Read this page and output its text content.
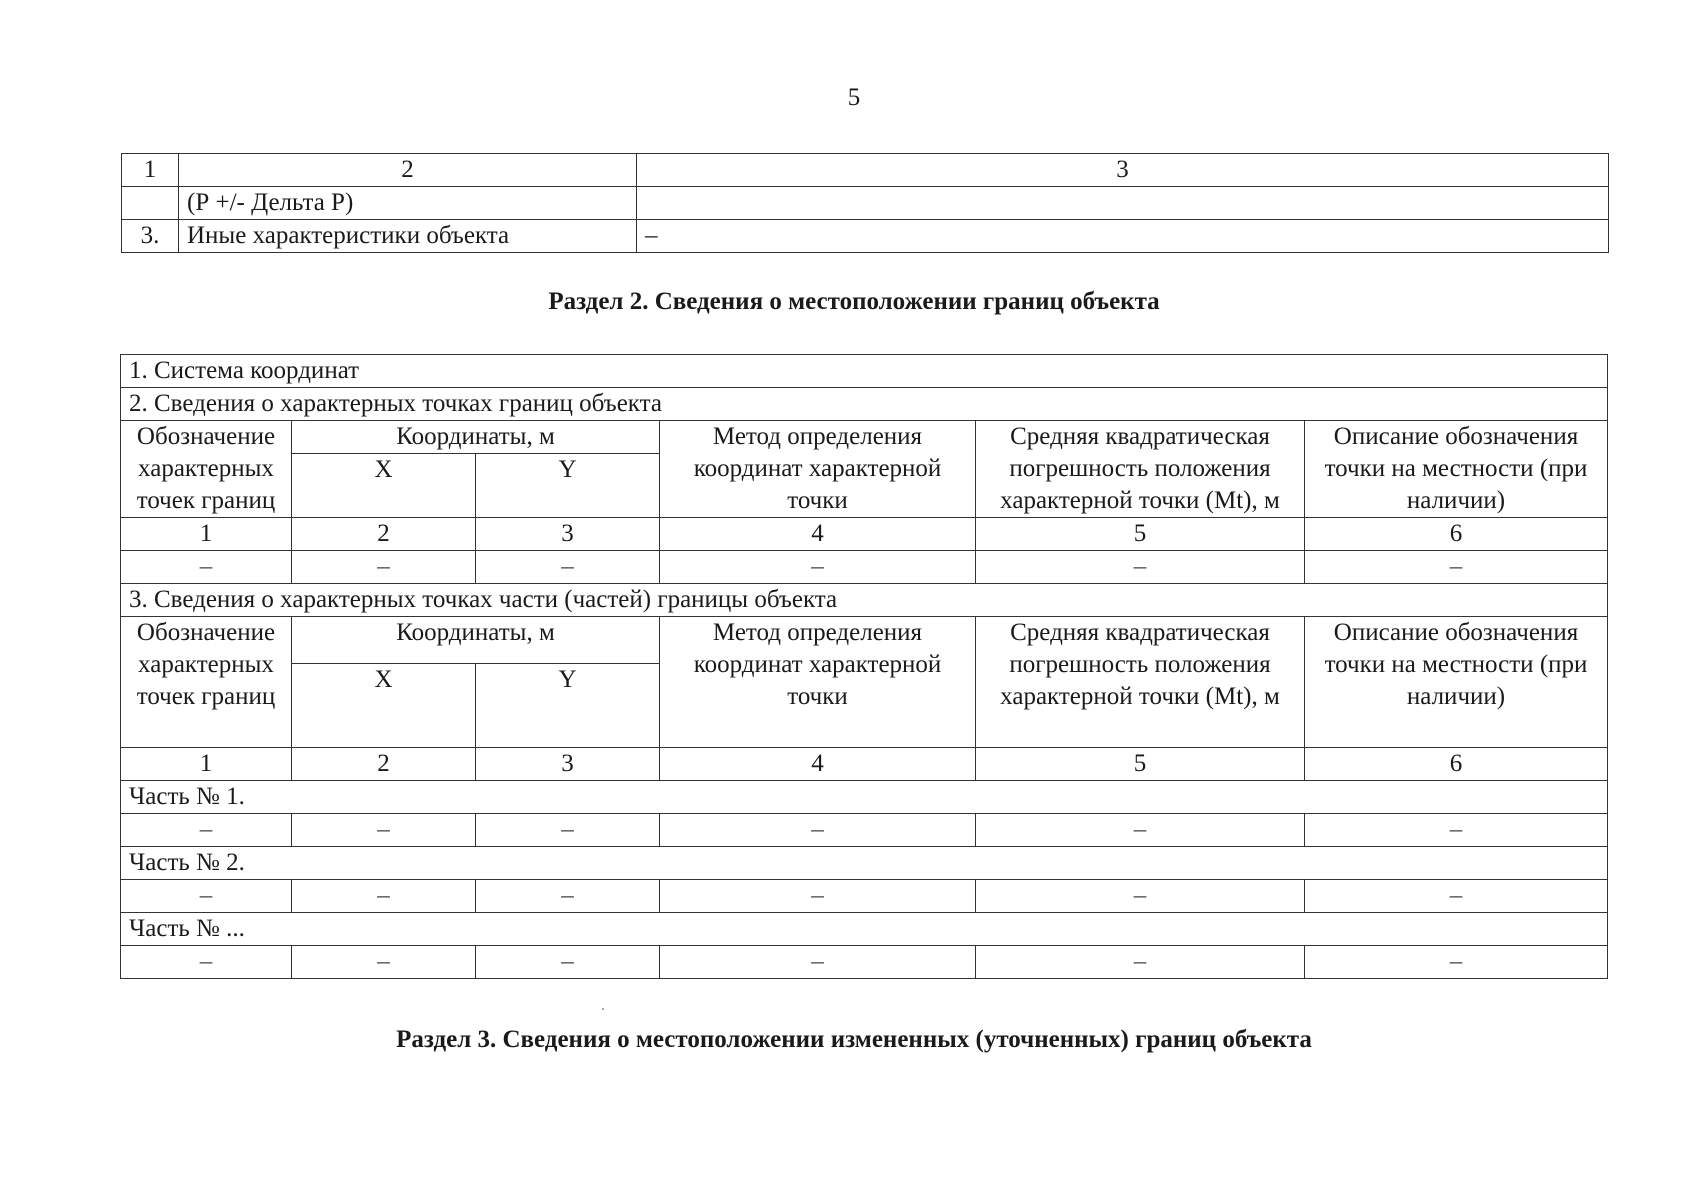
5
1	2	3
	(Р +/- Дельта Р)	
3.	Иные характеристики объекта	–
Раздел 2. Сведения о местоположении границ объекта
1. Система координат					
2. Сведения о характерных точках границ объекта					
Обозначение характерных точек границ	Координаты, м		Метод определения координат характерной точки	Средняя квадратическая погрешность положения характерной точки (Mt), м	Описание обозначения точки на местности (при наличии)
	X	Y			
1	2	3	4	5	6
–	–	–	–	–	–
3. Сведения о характерных точках части (частей) границы объекта					
Обозначение характерных точек границ	Координаты, м		Метод определения координат характерной точки	Средняя квадратическая погрешность положения характерной точки (Mt), м	Описание обозначения точки на местности (при наличии)
	X	Y			
1	2	3	4	5	6
Часть № 1.					
–	–	–	–	–	–
Часть № 2.					
–	–	–	–	–	–
Часть № ...					
–	–	–	–	–	–
Раздел 3. Сведения о местоположении измененных (уточненных) границ объекта
